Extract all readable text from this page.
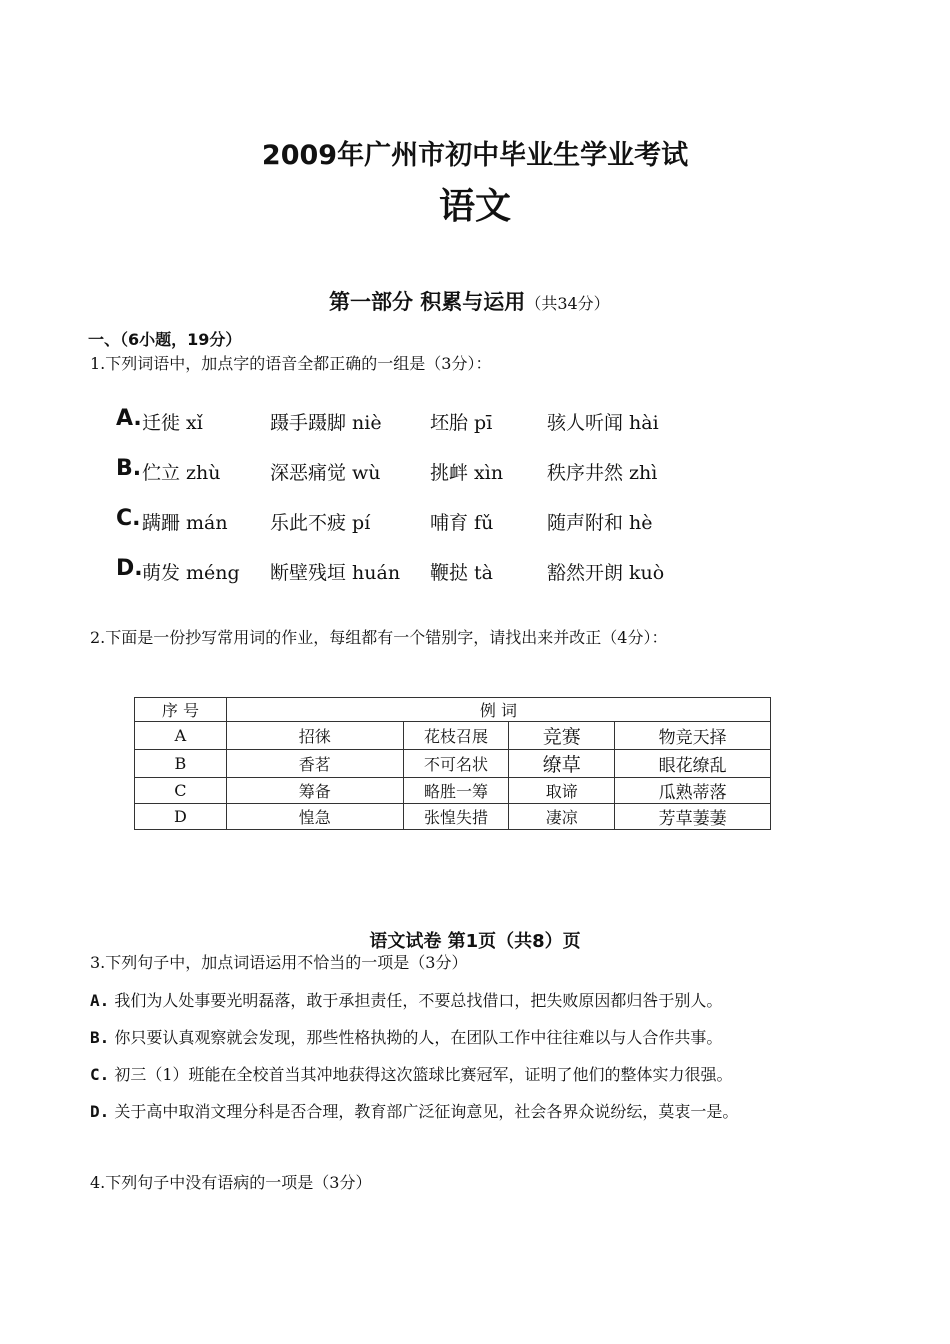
2009年广州市初中毕业生学业考试
语文
第一部分 积累与运用（共34分）
一、（6小题，19分）
1.下列词语中，加点字的语音全都正确的一组是（3分）：
A. 迁徙 xǐ	蹑手蹑脚 niè	坯胎 pī	骇人听闻 hài
B. 伫立 zhù	深恶痛觉 wù	挑衅 xìn 秩序井然 zhì
C. 蹒跚 mán 乐此不疲 pí	哺育 fǔ	随声附和 hè
D. 萌发 méng 断壁残垣 huán 鞭挞 tà	豁然开朗 kuò
2.下面是一份抄写常用词的作业，每组都有一个错别字，请找出来并改正（4分）：
序 号	例 词			
A	招徕	花枝召展	竞赛	物竞天择
B	香茗	不可名状	缭草	眼花缭乱
C	筹备	略胜一筹	取谛	瓜熟蒂落
D	惶急	张惶失措	凄凉	芳草萋萋
语文试卷 第1页（共8）页
3.下列句子中，加点词语运用不恰当的一项是（3分）
A. 我们为人处事要光明磊落，敢于承担责任，不要总找借口，把失败原因都归咎于别人。
B. 你只要认真观察就会发现，那些性格执拗的人，在团队工作中往往难以与人合作共事。
C. 初三（1）班能在全校首当其冲地获得这次篮球比赛冠军，证明了他们的整体实力很强。
D. 关于高中取消文理分科是否合理，教育部广泛征询意见，社会各界众说纷纭，莫衷一是。
4.下列句子中没有语病的一项是（3分）
